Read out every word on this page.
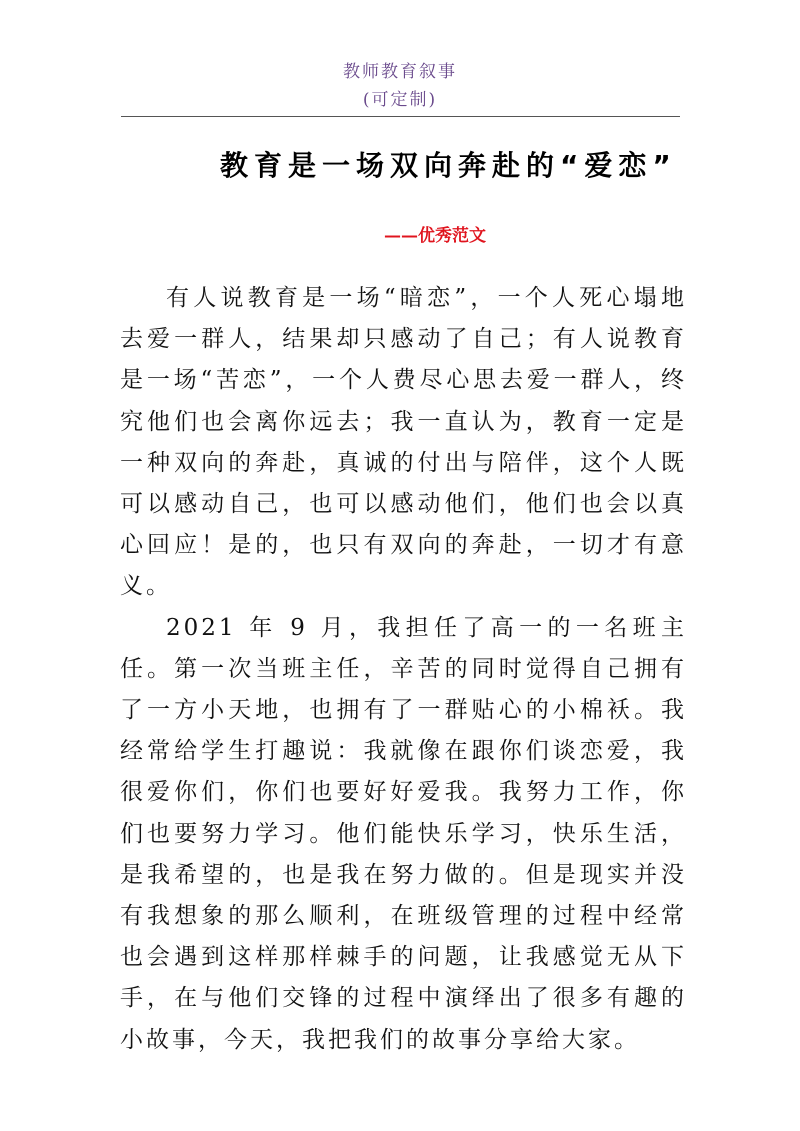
教师教育叙事
(可定制)
教育是一场双向奔赴的“爱恋”
——优秀范文

有人说教育是一场“暗恋”，一个人死心塌地去爱一群人，结果却只感动了自己；有人说教育是一场“苦恋”，一个人费尽心思去爱一群人，终究他们也会离你远去；我一直认为，教育一定是一种双向的奔赴，真诚的付出与陪伴，这个人既可以感动自己，也可以感动他们，他们也会以真心回应！是的，也只有双向的奔赴，一切才有意义。

2021 年 9 月，我担任了高一的一名班主任。第一次当班主任，辛苦的同时觉得自己拥有了一方小天地，也拥有了一群贴心的小棉袄。我经常给学生打趣说：我就像在跟你们谈恋爱，我很爱你们，你们也要好好爱我。我努力工作，你们也要努力学习。他们能快乐学习，快乐生活，是我希望的，也是我在努力做的。但是现实并没有我想象的那么顺利，在班级管理的过程中经常也会遇到这样那样棘手的问题，让我感觉无从下手，在与他们交锋的过程中演绎出了很多有趣的小故事，今天，我把我们的故事分享给大家。
